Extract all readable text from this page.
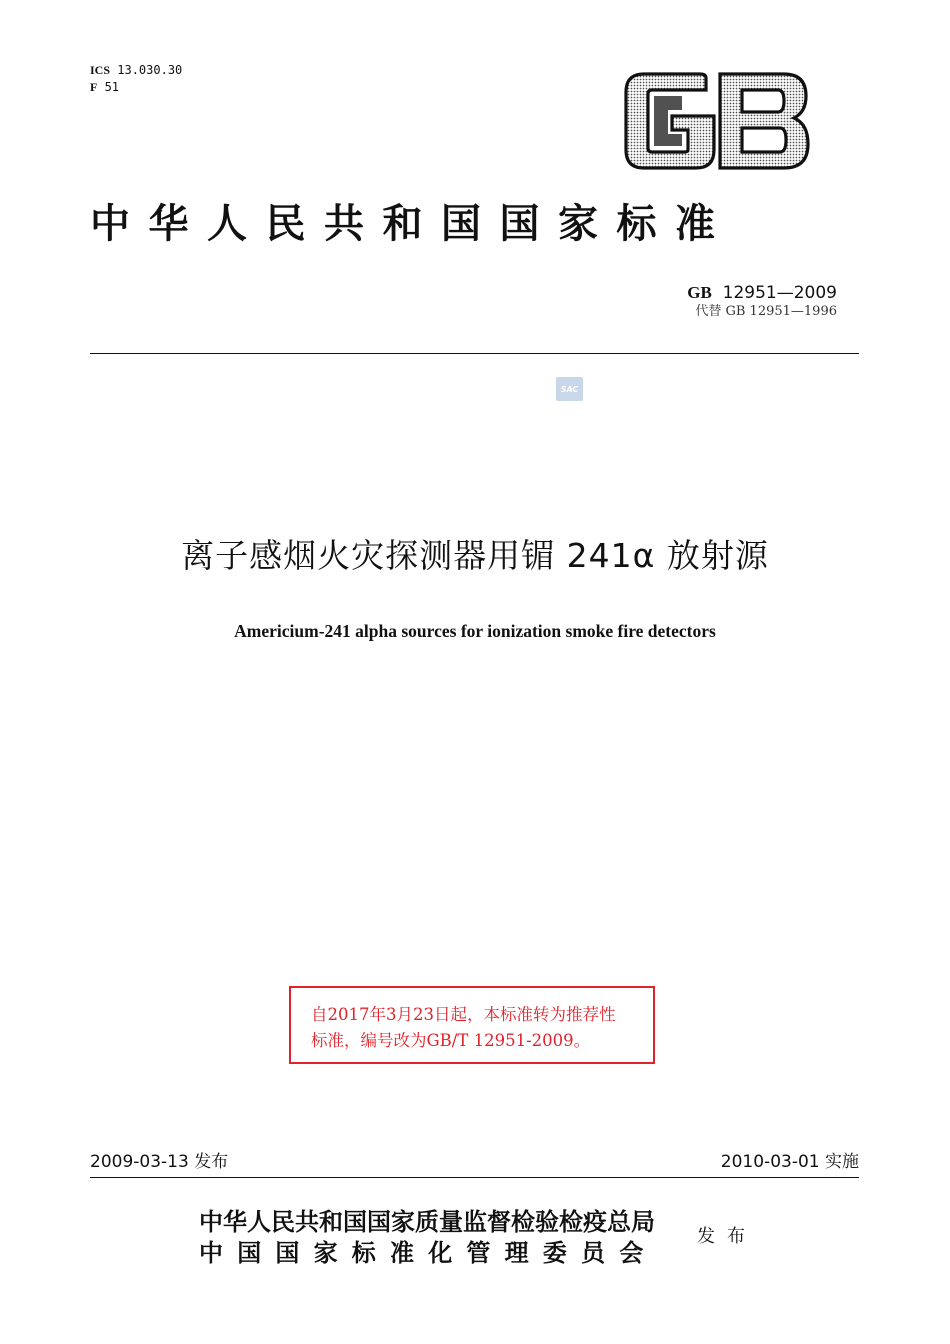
ICS 13.030.30
F 51
中华人民共和国国家标准
GB 12951—2009
代替 GB 12951—1996
SAC
离子感烟火灾探测器用镅 241α 放射源
Americium-241 alpha sources for ionization smoke fire detectors
自2017年3月23日起，本标准转为推荐性
标准，编号改为GB/T 12951-2009。
2009-03-13 发布	2010-03-01 实施
中华人民共和国国家质量监督检验检疫总局
中国国家标准化管理委员会
发布
